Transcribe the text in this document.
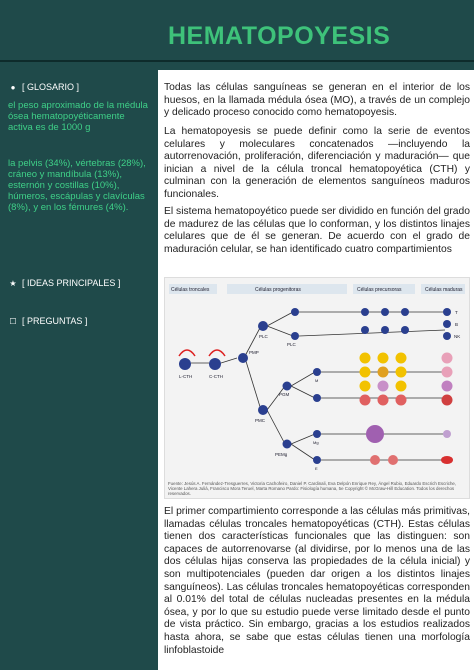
HEMATOPOYESIS
● [ GLOSARIO ]
el peso aproximado de la médula ósea hematopoyéticamente activa es de 1000 g
la pelvis (34%), vértebras (28%), cráneo y mandíbula (13%), esternón y costillas (10%), húmeros, escápulas y clavículas (8%), y en los fémures (4%).
★ [ IDEAS PRINCIPALES ]
☐ [ PREGUNTAS ]
Todas las células sanguíneas se generan en el interior de los huesos, en la llamada médula ósea (MO), a través de un complejo y delicado proceso conocido como hematopoyesis.
La hematopoyesis se puede definir como la serie de eventos celulares y moleculares concatenados —incluyendo la autorrenovación, proliferación, diferenciación y maduración— que inician a nivel de la célula troncal hematopoyética (CTH) y culminan con la generación de elementos sanguíneos maduros funcionales.
El sistema hematopoyético puede ser dividido en función del grado de madurez de las células que lo conforman, y los distintos linajes celulares que de él se generan. De acuerdo con el grado de maduración celular, se han identificado cuatro compartimientos
Células troncales	Células progenitoras	Células precursoras	Células maduras
L-CTH	C-CTH
PMP
PLC
PLC
PMC
PGM
PEMg
M
Mg
E
T
B
NK
Fuente: Jesús A. Fernández-Tresguerres, Victoria Cachofeiro, Daniel P. Cardinali, Eva Delpón Enrique Rey, Ángel Rubio, Eduardo Escrich Escriche, Vicente Lahera Juliá, Francisco Mora Teruel, Marta Romano Pardo: Fisiología humana, 5e Copyright © McGraw-Hill Education. Todos los derechos reservados.
El primer compartimiento corresponde a las células más primitivas, llamadas células troncales hematopoyéticas (CTH). Estas células tienen dos características funcionales que las distinguen: son capaces de autorrenovarse (al dividirse, por lo menos una de las dos células hijas conserva las propiedades de la célula inicial) y son multipotenciales (pueden dar origen a los distintos linajes sanguíneos). Las células troncales hematopoyéticas corresponden al 0.01% del total de células nucleadas presentes en la médula ósea, y por lo que su estudio puede verse limitado desde el punto de vista práctico. Sin embargo, gracias a los estudios realizados hasta ahora, se sabe que estas células tienen una morfología linfoblastoide
